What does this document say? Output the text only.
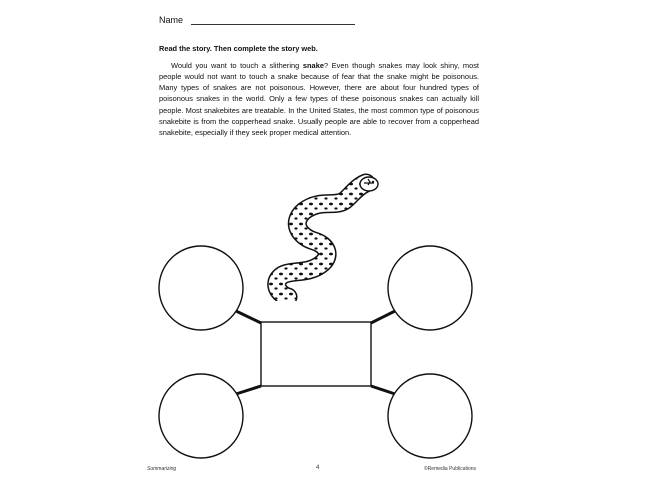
Name
Read the story. Then complete the story web.

Would you want to touch a slithering snake? Even though snakes may look shiny, most people would not want to touch a snake because of fear that the snake might be poisonous. Many types of snakes are not poisonous. However, there are about four hundred types of poisonous snakes in the world. Only a few types of these poisonous snakes can actually kill people. Most snakebites are treatable. In the United States, the most common type of poisonous snakebite is from the copperhead snake. Usually people are able to recover from a copperhead snakebite, especially if they seek proper medical attention.

Summarizing	4	©Remedia Publications
